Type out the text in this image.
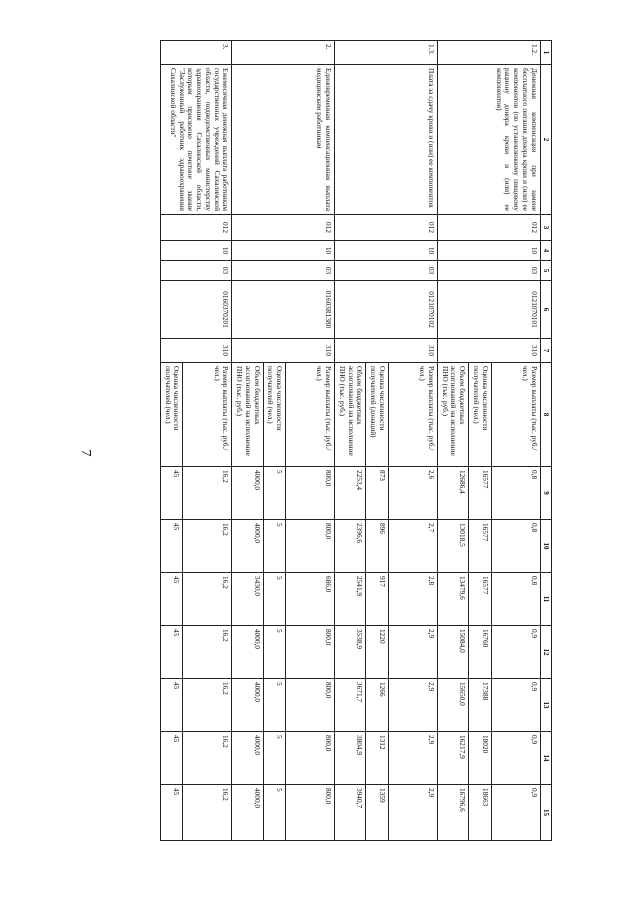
7
1	2	3	4	5	6	7	8	9	10	11	12	13	14	15
1.2.	Денежная компенсация при замене бесплатного питания донора крови и (или) ее компонентов (по установленному пищевому рациону донора крови и (или) ее компонентов)	012	10	03	0121070101	310	Размер выплаты (тыс. руб./чел.)	0,8	0,8	0,8	0,9	0,9	0,9	0,9
							Оценка численности получателей (чел.)	16577	16577	16577	16760	17388	18020	18663
							Объем бюджетных ассигнований на исполнение ПНО (тыс. руб.)	12686,4	13018,5	13479,6	15084,0	15650,0	16217,9	16796,6
1.3.	Плата за сдачу крови и (или) ее компонентов	012	10	03	0121070102	310	Размер выплаты (тыс. руб./чел.)	2,6	2,7	2,8	2,9	2,9	2,9	2,9
							Оценка численности получателей (донаций)	873	896	917	1220	1266	1312	1359
							Объем бюджетных ассигнований на исполнение ПНО (тыс. руб.)	2253,4	2396,6	2541,9	3538,9	3671,7	3804,9	3940,7
2.	Единовременная компенсационная выплата медицинским работникам	012	10	03	01603R1380	310	Размер выплаты (тыс. руб./чел.)	800,0	800,0	686,0	800,0	800,0	800,0	800,0
							Оценка численности получателей (чел.)	5	5	5	5	5	5	5
							Объем бюджетных ассигнований на исполнение ПНО (тыс. руб.)	4000,0	4000,0	3430,0	4000,0	4000,0	4000,0	4000,0
3.	Ежемесячная денежная выплата работникам государственных учреждений Сахалинской области, подведомственных министерству здравоохранения Сахалинской области, которым присвоено почетное звание "Заслуженный работник здравоохранения Сахалинской области"	012	10	03	0160370201	310	Размер выплаты (тыс. руб./чел.)	16,2	16,2	16,2	16,2	16,2	16,2	16,2
							Оценка численности получателей (чел.)	45	45	45	45	45	45	45
